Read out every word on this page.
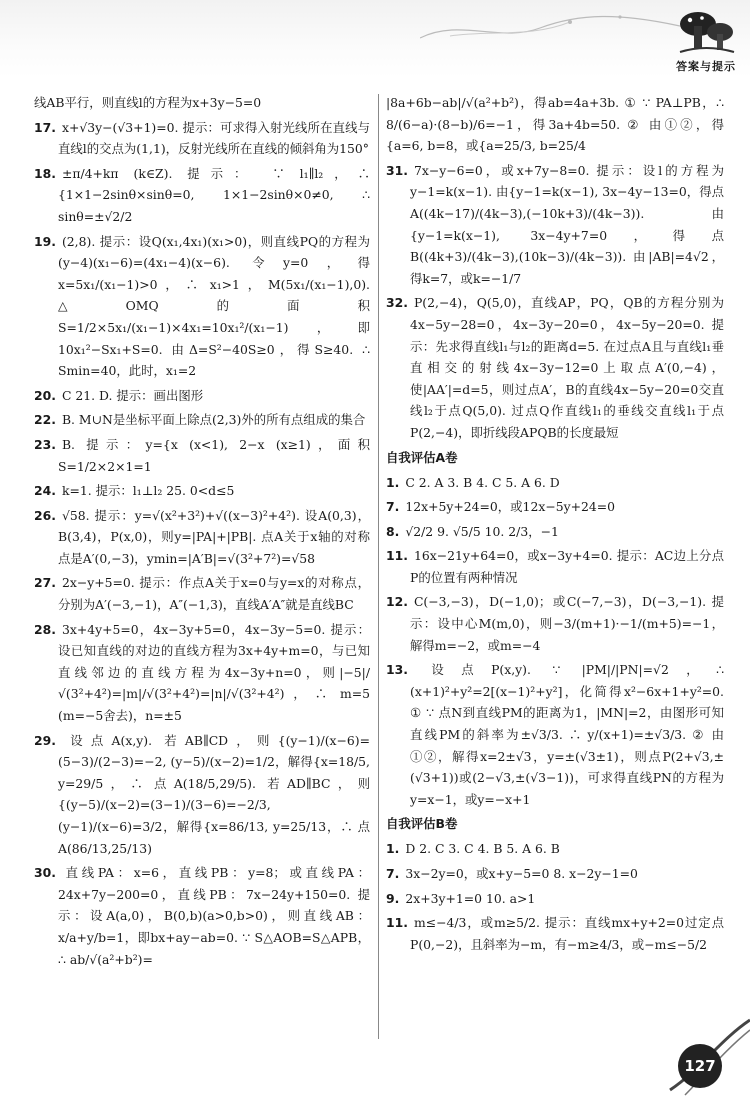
答案与提示

线AB平行，则直线l的方程为x+3y−5=0

17. x+√3y−(√3+1)=0. 提示：可求得入射光线所在直线与直线l的交点为(1,1)，反射光线所在直线的倾斜角为150°

18. ±π/4+kπ (k∈Z). 提示： ∵ l₁∥l₂，∴ {1×1−2sinθ×sinθ=0, 1×1−2sinθ×0≠0, ∴ sinθ=±√2/2

19. (2,8). 提示：设Q(x₁,4x₁)(x₁>0)，则直线PQ的方程为(y−4)(x₁−6)=(4x₁−4)(x−6). 令y=0，得x=5x₁/(x₁−1)>0，∴ x₁>1，M(5x₁/(x₁−1),0). △OMQ的面积S=1/2×5x₁/(x₁−1)×4x₁=10x₁²/(x₁−1)，即10x₁²−Sx₁+S=0. 由Δ=S²−40S≥0，得S≥40. ∴ Smin=40，此时，x₁=2

20. C 21. D. 提示：画出图形

22. B. M∪N是坐标平面上除点(2,3)外的所有点组成的集合

23. B. 提示：y={x (x<1), 2−x (x≥1)，面积S=1/2×2×1=1

24. k=1. 提示：l₁⊥l₂ 25. 0<d≤5

26. √58. 提示：y=√(x²+3²)+√((x−3)²+4²). 设A(0,3)，B(3,4)，P(x,0)，则y=|PA|+|PB|. 点A关于x轴的对称点是A′(0,−3)，ymin=|A′B|=√(3²+7²)=√58

27. 2x−y+5=0. 提示：作点A关于x=0与y=x的对称点，分别为A′(−3,−1)，A″(−1,3)，直线A′A″就是直线BC

28. 3x+4y+5=0，4x−3y+5=0，4x−3y−5=0. 提示：设已知直线的对边的直线方程为3x+4y+m=0，与已知直线邻边的直线方程为4x−3y+n=0，则|−5|/√(3²+4²)=|m|/√(3²+4²)=|n|/√(3²+4²)，∴ m=5 (m=−5舍去)，n=±5

29. 设点A(x,y). 若AB∥CD，则{(y−1)/(x−6)=(5−3)/(2−3)=−2, (y−5)/(x−2)=1/2，解得{x=18/5, y=29/5，∴ 点A(18/5,29/5). 若AD∥BC，则{(y−5)/(x−2)=(3−1)/(3−6)=−2/3, (y−1)/(x−6)=3/2，解得{x=86/13, y=25/13，∴ 点A(86/13,25/13)

30. 直线PA：x=6，直线PB：y=8；或直线PA：24x+7y−200=0，直线PB：7x−24y+150=0. 提示：设A(a,0)，B(0,b)(a>0,b>0)，则直线AB：x/a+y/b=1，即bx+ay−ab=0. ∵ S△AOB=S△APB，∴ ab/√(a²+b²)=

|8a+6b−ab|/√(a²+b²)，得ab=4a+3b. ① ∵ PA⊥PB，∴ 8/(6−a)·(8−b)/6=−1，得3a+4b=50. ② 由①②，得{a=6, b=8，或{a=25/3, b=25/4

31. 7x−y−6=0，或x+7y−8=0. 提示：设l的方程为y−1=k(x−1). 由{y−1=k(x−1), 3x−4y−13=0，得点A((4k−17)/(4k−3),(−10k+3)/(4k−3)). 由{y−1=k(x−1), 3x−4y+7=0，得点B((4k+3)/(4k−3),(10k−3)/(4k−3)). 由|AB|=4√2，得k=7，或k=−1/7

32. P(2,−4)，Q(5,0)，直线AP，PQ，QB的方程分别为4x−5y−28=0，4x−3y−20=0，4x−5y−20=0. 提示：先求得直线l₁与l₂的距离d=5. 在过点A且与直线l₁垂直相交的射线4x−3y−12=0上取点A′(0,−4)，使|AA′|=d=5，则过点A′，B的直线4x−5y−20=0交直线l₂于点Q(5,0). 过点Q作直线l₁的垂线交直线l₁于点P(2,−4)，即折线段APQB的长度最短

自我评估A卷

1. C 2. A 3. B 4. C 5. A 6. D

7. 12x+5y+24=0，或12x−5y+24=0

8. √2/2 9. √5/5 10. 2/3，−1

11. 16x−21y+64=0，或x−3y+4=0. 提示：AC边上分点P的位置有两种情况

12. C(−3,−3)，D(−1,0)；或C(−7,−3)，D(−3,−1). 提示：设中心M(m,0)，则−3/(m+1)·−1/(m+5)=−1，解得m=−2，或m=−4

13. 设点P(x,y). ∵ |PM|/|PN|=√2，∴ (x+1)²+y²=2[(x−1)²+y²]，化简得x²−6x+1+y²=0. ① ∵ 点N到直线PM的距离为1，|MN|=2，由图形可知直线PM的斜率为±√3/3. ∴ y/(x+1)=±√3/3. ② 由①②，解得x=2±√3，y=±(√3±1)，则点P(2+√3,±(√3+1))或(2−√3,±(√3−1))，可求得直线PN的方程为y=x−1，或y=−x+1

自我评估B卷

1. D 2. C 3. C 4. B 5. A 6. B

7. 3x−2y=0，或x+y−5=0 8. x−2y−1=0

9. 2x+3y+1=0 10. a>1

11. m≤−4/3，或m≥5/2. 提示：直线mx+y+2=0过定点P(0,−2)，且斜率为−m，有−m≥4/3，或−m≤−5/2

127
